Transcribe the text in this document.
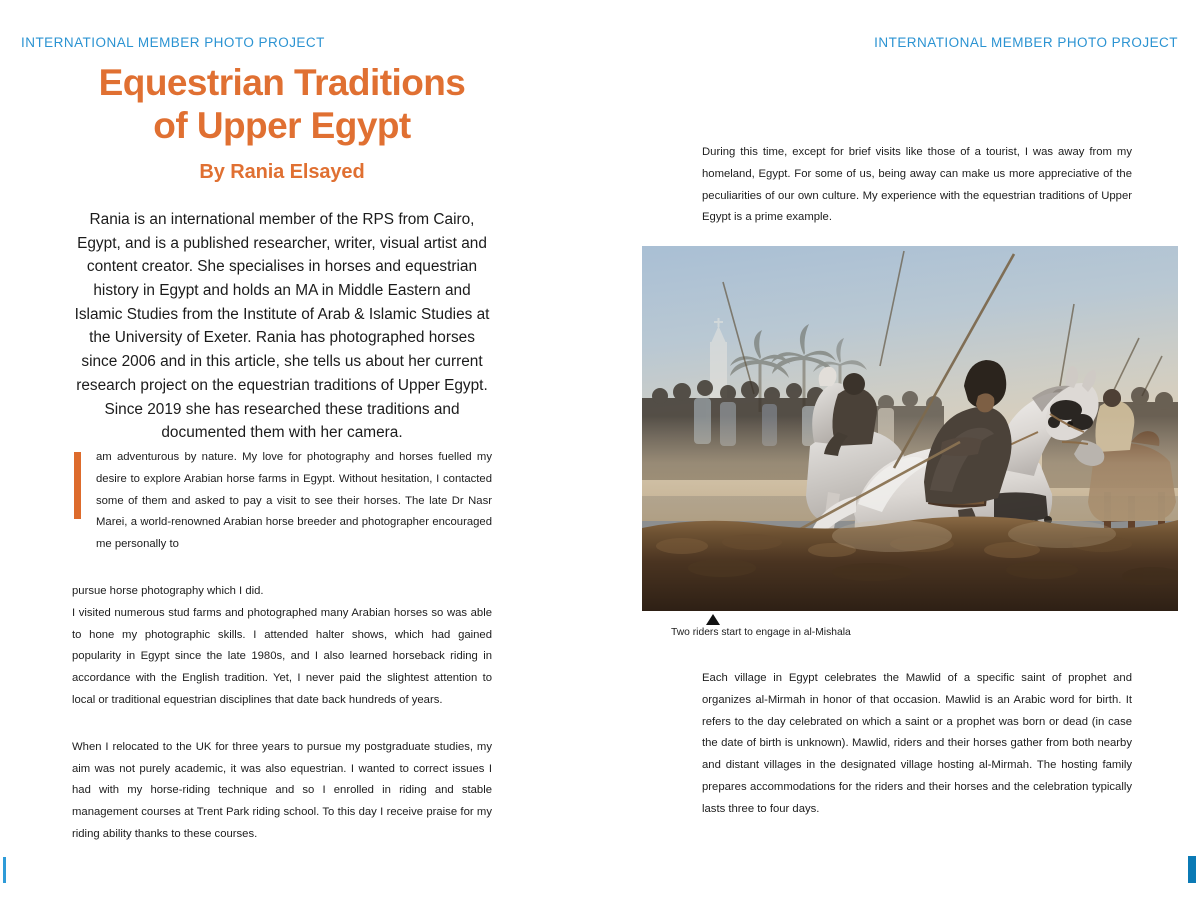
INTERNATIONAL MEMBER PHOTO PROJECT	INTERNATIONAL MEMBER PHOTO PROJECT
Equestrian Traditions
of Upper Egypt
By Rania Elsayed
Rania is an international member of the RPS from Cairo, Egypt, and is a published researcher, writer, visual artist and content creator. She specialises in horses and equestrian history in Egypt and holds an MA in Middle Eastern and Islamic Studies from the Institute of Arab & Islamic Studies at the University of Exeter. Rania has photographed horses since 2006 and in this article, she tells us about her current research project on the equestrian traditions of Upper Egypt. Since 2019 she has researched these traditions and documented them with her camera.

am adventurous by nature. My love for photography and horses fuelled my desire to explore Arabian horse farms in Egypt. Without hesitation, I contacted some of them and asked to pay a visit to see their horses. The late Dr Nasr Marei, a world-renowned Arabian horse breeder and photographer encouraged me personally to

pursue horse photography which I did.

I visited numerous stud farms and photographed many Arabian horses so was able to hone my photographic skills. I attended halter shows, which had gained popularity in Egypt since the late 1980s, and I also learned horseback riding in accordance with the English tradition. Yet, I never paid the slightest attention to local or traditional equestrian disciplines that date back hundreds of years.

When I relocated to the UK for three years to pursue my postgraduate studies, my aim was not purely academic, it was also equestrian. I wanted to correct issues I had with my horse-riding technique and so I enrolled in riding and stable management courses at Trent Park riding school. To this day I receive praise for my riding ability thanks to these courses.

During this time, except for brief visits like those of a tourist, I was away from my homeland, Egypt. For some of us, being away can make us more appreciative of the peculiarities of our own culture. My experience with the equestrian traditions of Upper Egypt is a prime example.

Two riders start to engage in al-Mishala

Each village in Egypt celebrates the Mawlid of a specific saint of prophet and organizes al-Mirmah in honor of that occasion. Mawlid is an Arabic word for birth. It refers to the day celebrated on which a saint or a prophet was born or dead (in case the date of birth is unknown). Mawlid, riders and their horses gather from both nearby and distant villages in the designated village hosting al-Mirmah. The hosting family prepares accommodations for the riders and their horses and the celebration typically lasts three to four days.
